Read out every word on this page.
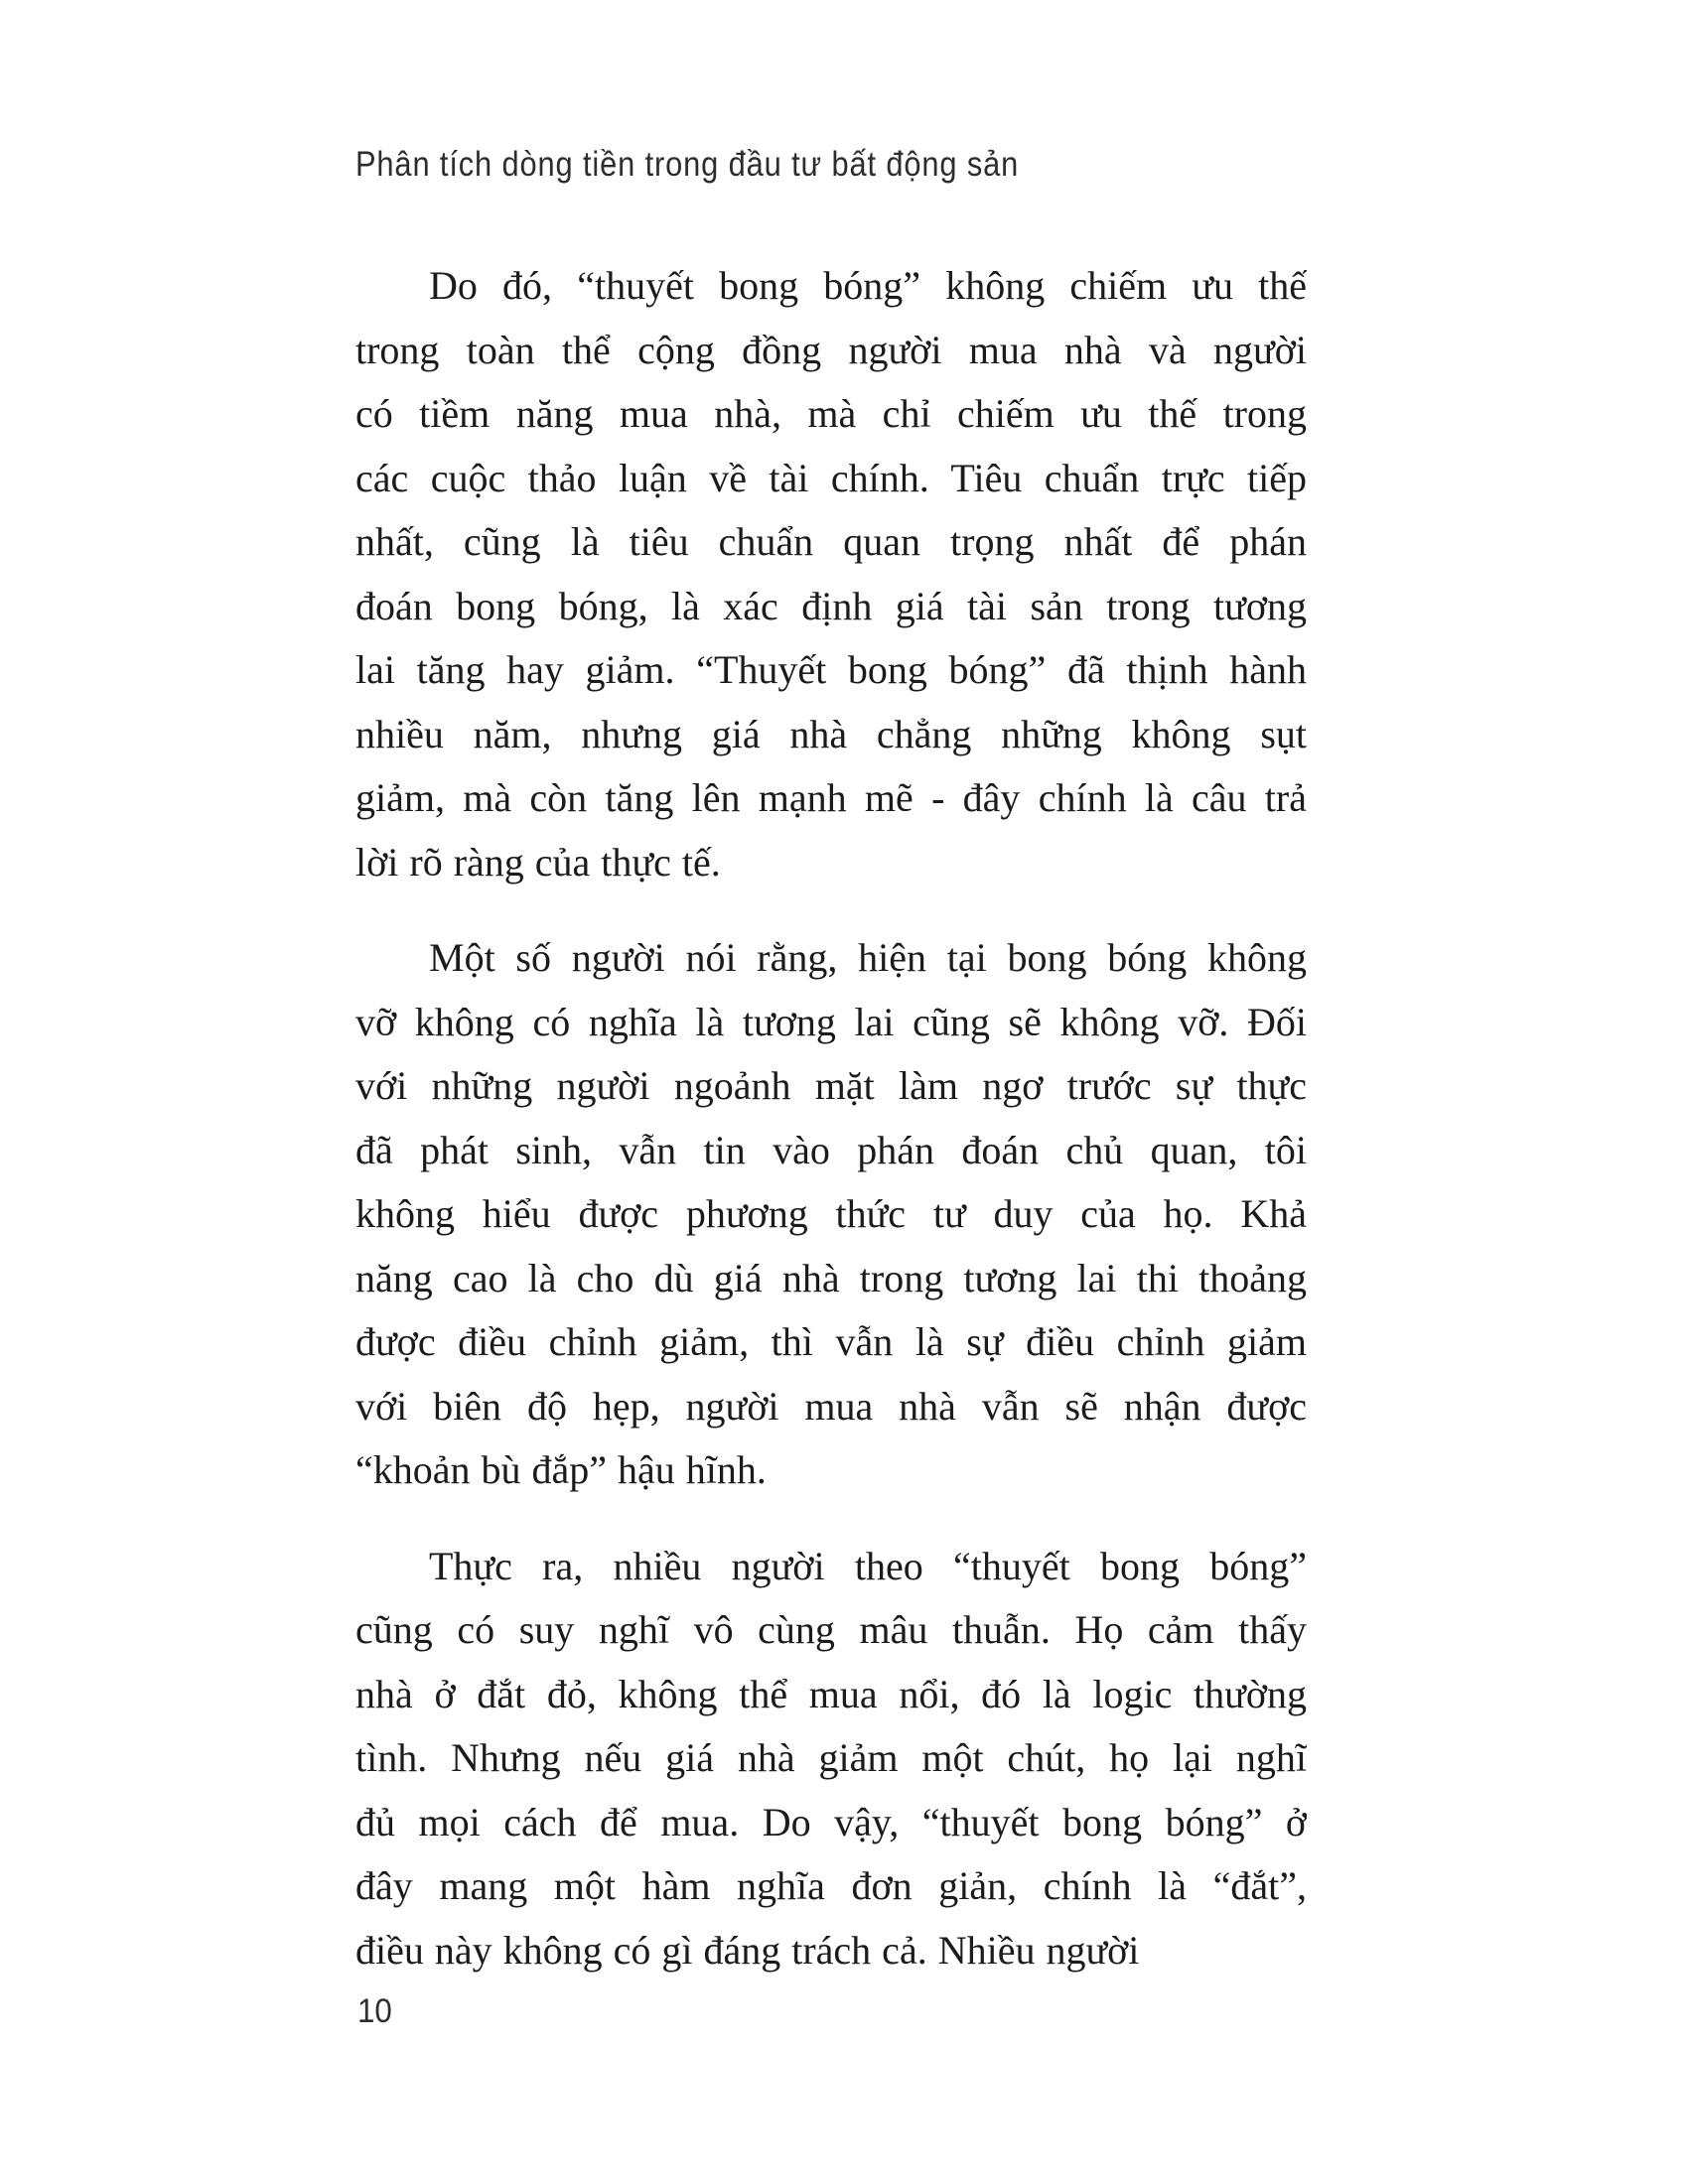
Phân tích dòng tiền trong đầu tư bất động sản
Do đó, “thuyết bong bóng” không chiếm ưu thế
trong toàn thể cộng đồng người mua nhà và người
có tiềm năng mua nhà, mà chỉ chiếm ưu thế trong
các cuộc thảo luận về tài chính. Tiêu chuẩn trực tiếp
nhất, cũng là tiêu chuẩn quan trọng nhất để phán
đoán bong bóng, là xác định giá tài sản trong tương
lai tăng hay giảm. “Thuyết bong bóng” đã thịnh hành
nhiều năm, nhưng giá nhà chẳng những không sụt
giảm, mà còn tăng lên mạnh mẽ - đây chính là câu trả
lời rõ ràng của thực tế.
Một số người nói rằng, hiện tại bong bóng không
vỡ không có nghĩa là tương lai cũng sẽ không vỡ. Đối
với những người ngoảnh mặt làm ngơ trước sự thực
đã phát sinh, vẫn tin vào phán đoán chủ quan, tôi
không hiểu được phương thức tư duy của họ. Khả
năng cao là cho dù giá nhà trong tương lai thi thoảng
được điều chỉnh giảm, thì vẫn là sự điều chỉnh giảm
với biên độ hẹp, người mua nhà vẫn sẽ nhận được
“khoản bù đắp” hậu hĩnh.
Thực ra, nhiều người theo “thuyết bong bóng”
cũng có suy nghĩ vô cùng mâu thuẫn. Họ cảm thấy
nhà ở đắt đỏ, không thể mua nổi, đó là logic thường
tình. Nhưng nếu giá nhà giảm một chút, họ lại nghĩ
đủ mọi cách để mua. Do vậy, “thuyết bong bóng” ở
đây mang một hàm nghĩa đơn giản, chính là “đắt”,
điều này không có gì đáng trách cả. Nhiều người
10
